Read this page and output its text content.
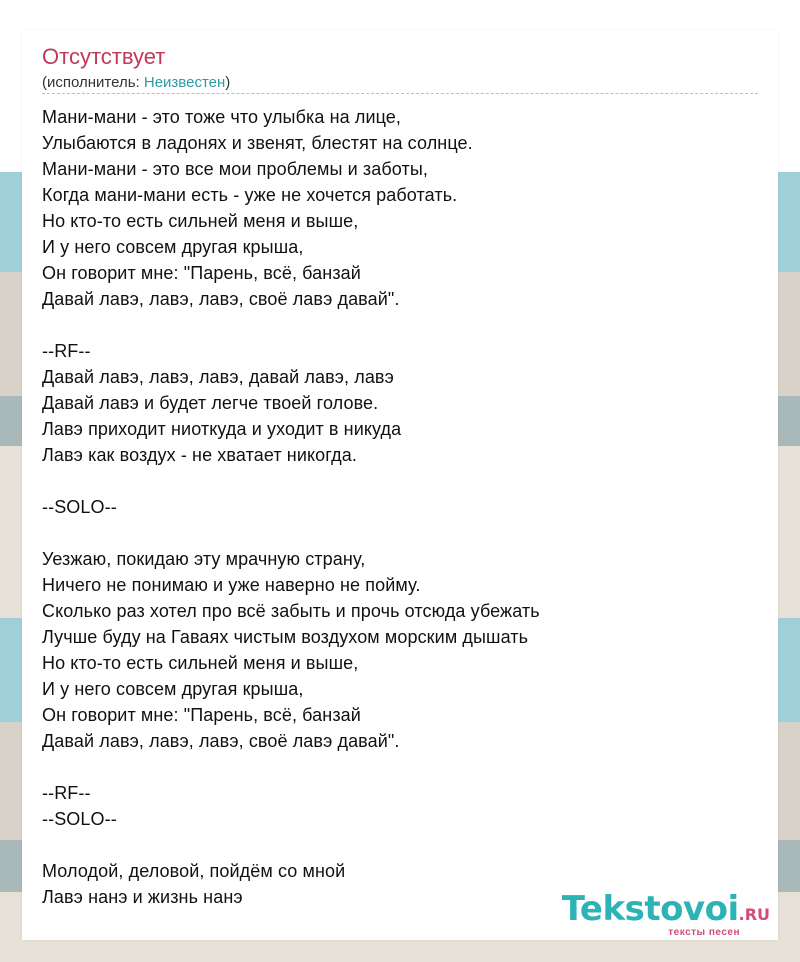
Отсутствует
(исполнитель: Неизвестен)
Мани-мани - это тоже что улыбка на лице,
Улыбаются в ладонях и звенят, блестят на солнце.
Мани-мани - это все мои проблемы и заботы,
Когда мани-мани есть - уже не хочется работать.
Но кто-то есть сильней меня и выше,
И у него совсем другая крыша,
Он говорит мне: "Парень, всё, банзай
Давай лавэ, лавэ, лавэ, своё лавэ давай".
--RF--
Давай лавэ, лавэ, лавэ, давай лавэ, лавэ
Давай лавэ и будет легче твоей голове.
Лавэ приходит ниоткуда и уходит в никуда
Лавэ как воздух - не хватает никогда.
--SOLO--
Уезжаю, покидаю эту мрачную страну,
Ничего не понимаю и уже наверно не пойму.
Сколько раз хотел про всё забыть и прочь отсюда убежать
Лучше буду на Гаваях чистым воздухом морским дышать
Но кто-то есть сильней меня и выше,
И у него совсем другая крыша,
Он говорит мне: "Парень, всё, банзай
Давай лавэ, лавэ, лавэ, своё лавэ давай".
--RF--
--SOLO--
Молодой, деловой, пойдём со мной
Лавэ нанэ и жизнь нанэ	Tekstovoi.RU
тексты песен
